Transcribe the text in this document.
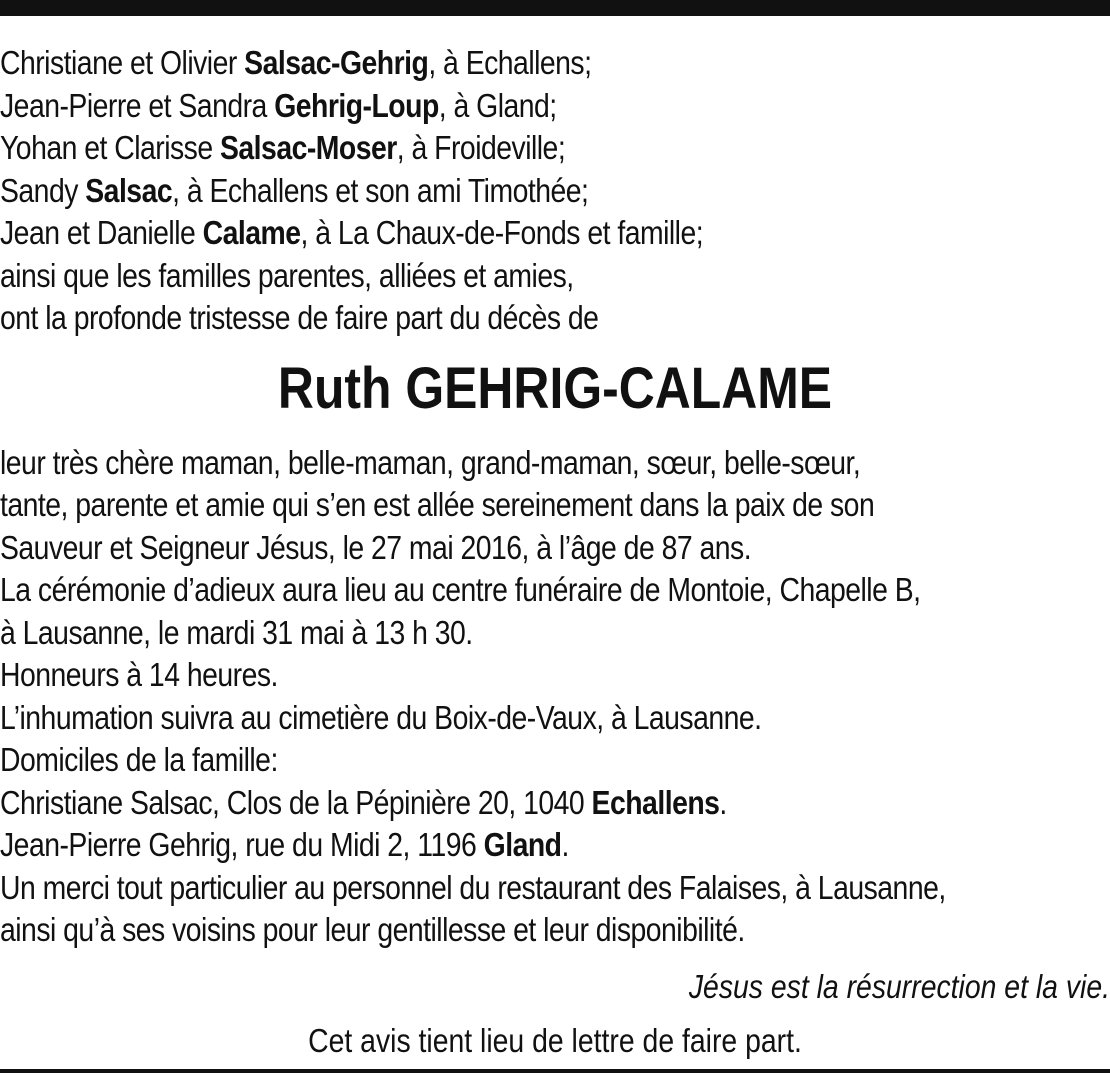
Christiane et Olivier Salsac-Gehrig, à Echallens;
Jean-Pierre et Sandra Gehrig-Loup, à Gland;
Yohan et Clarisse Salsac-Moser, à Froideville;
Sandy Salsac, à Echallens et son ami Timothée;
Jean et Danielle Calame, à La Chaux-de-Fonds et famille;
ainsi que les familles parentes, alliées et amies,
ont la profonde tristesse de faire part du décès de
Ruth GEHRIG-CALAME
leur très chère maman, belle-maman, grand-maman, sœur, belle-sœur,
tante, parente et amie qui s’en est allée sereinement dans la paix de son
Sauveur et Seigneur Jésus, le 27 mai 2016, à l’âge de 87 ans.
La cérémonie d’adieux aura lieu au centre funéraire de Montoie, Chapelle B,
à Lausanne, le mardi 31 mai à 13 h 30.
Honneurs à 14 heures.
L’inhumation suivra au cimetière du Boix-de-Vaux, à Lausanne.
Domiciles de la famille:
Christiane Salsac, Clos de la Pépinière 20, 1040 Echallens.
Jean-Pierre Gehrig, rue du Midi 2, 1196 Gland.
Un merci tout particulier au personnel du restaurant des Falaises, à Lausanne,
ainsi qu’à ses voisins pour leur gentillesse et leur disponibilité.
Jésus est la résurrection et la vie.
Cet avis tient lieu de lettre de faire part.
